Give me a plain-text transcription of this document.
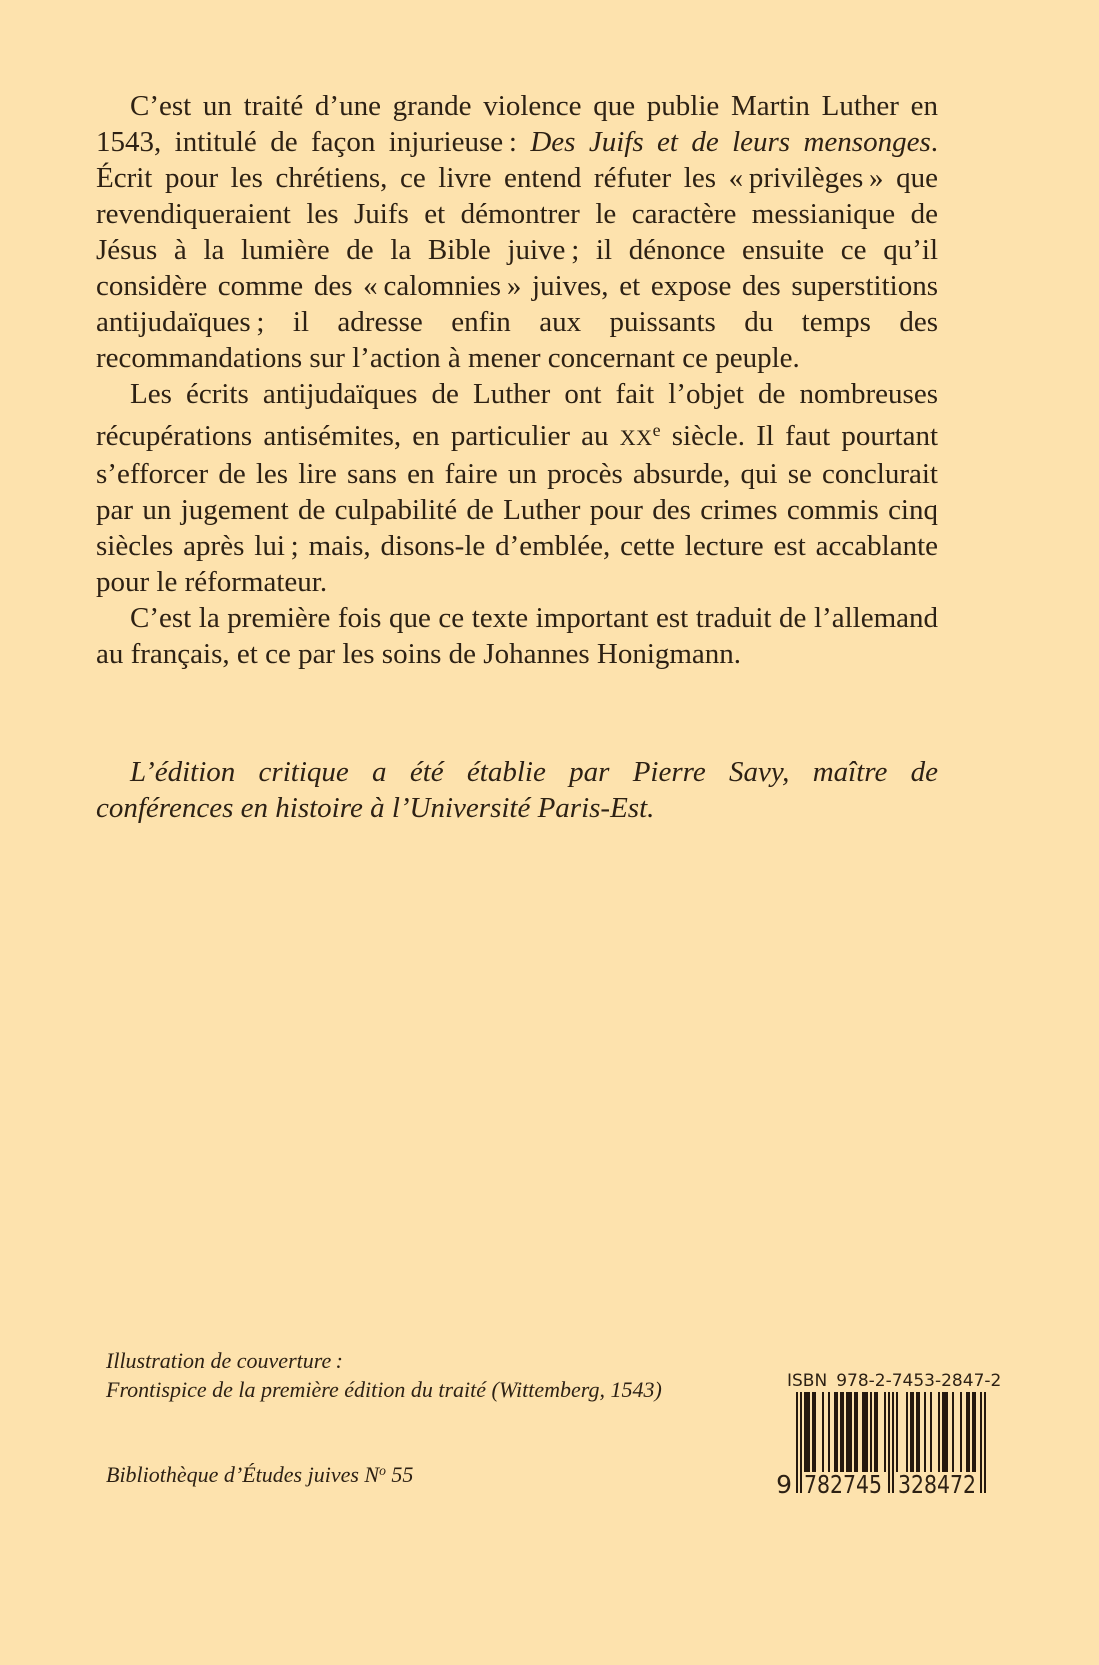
C’est un traité d’une grande violence que publie Martin Luther en 1543, intitulé de façon injurieuse : Des Juifs et de leurs mensonges. Écrit pour les chrétiens, ce livre entend réfuter les « privilèges » que revendiqueraient les Juifs et démontrer le caractère messianique de Jésus à la lumière de la Bible juive ; il dénonce ensuite ce qu’il considère comme des « calomnies » juives, et expose des superstitions antijudaïques ; il adresse enfin aux puissants du temps des recommandations sur l’action à mener concernant ce peuple.

Les écrits antijudaïques de Luther ont fait l’objet de nombreuses récupérations antisémites, en particulier au XXe siècle. Il faut pourtant s’efforcer de les lire sans en faire un procès absurde, qui se conclurait par un jugement de culpabilité de Luther pour des crimes commis cinq siècles après lui ; mais, disons-le d’emblée, cette lecture est accablante pour le réformateur.

C’est la première fois que ce texte important est traduit de l’allemand au français, et ce par les soins de Johannes Honigmann.

L’édition critique a été établie par Pierre Savy, maître de conférences en histoire à l’Université Paris-Est.

Illustration de couverture :
Frontispice de la première édition du traité (Wittemberg, 1543)
Bibliothèque d’Études juives $N^o$ 55
ISBN 978-2-7453-2847-2
9 782745 328472
